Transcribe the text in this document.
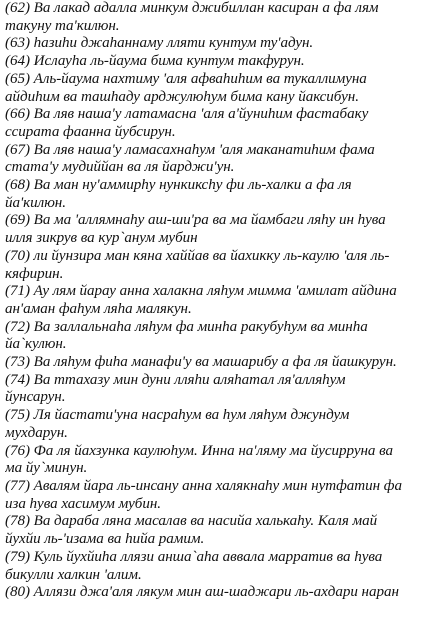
(62) Ва лакад адалла минкум джибиллан касиран а фа лям
такуну та'килюн.
(63) hазиhи джаhаннаму лляти кунтум ту'адун.
(64) Ислауhа ль-йаума бима кунтум такфурун.
(65) Аль-йаума нахтиму 'аля афваhиhим ва тукаллимуна
айдиhим ва ташhаду арджулюhум бима кану йаксибун.
(66) Ва ляв наша'у латамасна 'аля а'йуниhим фастабаку
ссирата фаанна йубсирун.
(67) Ва ляв наша'у ламасахнаhум 'аля маканатиhим фама
стата'у мудиййан ва ля йарджи'ун.
(68) Ва ман ну'аммирhу нункиксhу фи ль-халки а фа ля
йа'килюн.
(69) Ва ма 'аллямнаhу аш-ши'ра ва ма йамбаги ляhу ин hува
илля зикрув ва кур`анум мубин
(70) ли йунзира ман кяна хаййав ва йахикку ль-каулю 'аля ль-
кяфирин.
(71) Ау лям йарау анна халакна ляhум мимма 'амилат айдина
ан'аман фаhум ляhа малякун.
(72) Ва заллальнаhа ляhум фа минhа ракубуhум ва минhа
йа`кулюн.
(73) Ва ляhум фиhа манафи'у ва машарибу а фа ля йашкурун.
(74) Ва ттахазу мин дуни лляhи аляhатал ля'алляhум
йунсарун.
(75) Ля йастати'уна насраhум ва hум ляhум джундум
мухдарун.
(76) Фа ля йахзунка каулюhум. Инна на'ляму ма йусирруна ва
ма йу`минун.
(77) Авалям йара ль-инсану анна халякнаhу мин нутфатин фа
иза hува хасимум мубин.
(78) Ва дараба ляна масалав ва насийа халькаhу. Каля май
йухйи ль-'изама ва hийа рамим.
(79) Куль йухйиhа ллязи анша`аhа аввала марратив ва hува
бикулли халкин 'алим.
(80) Аллязи джа'аля лякум мин аш-шаджари ль-ахдари наран
